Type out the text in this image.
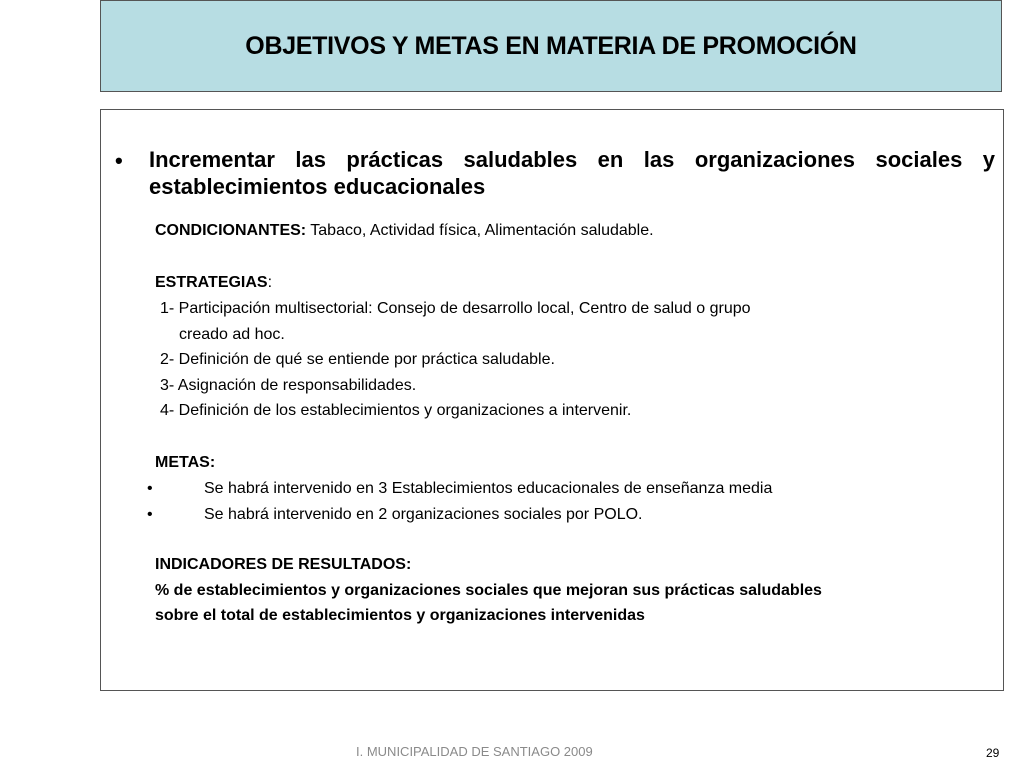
OBJETIVOS Y METAS EN MATERIA DE PROMOCIÓN
• Incrementar las prácticas saludables en las organizaciones sociales y establecimientos educacionales
CONDICIONANTES: Tabaco, Actividad física, Alimentación saludable.
ESTRATEGIAS:
1- Participación multisectorial: Consejo de desarrollo local, Centro de salud o grupo
creado ad hoc.
2- Definición de qué se entiende por práctica saludable.
3- Asignación de responsabilidades.
4- Definición de los establecimientos y organizaciones a intervenir.
METAS:
•	Se habrá intervenido en 3 Establecimientos educacionales de enseñanza media
•	Se habrá intervenido en 2 organizaciones sociales por POLO.
INDICADORES DE RESULTADOS:
% de establecimientos y organizaciones sociales que mejoran sus prácticas saludables
sobre el total de establecimientos y organizaciones intervenidas
I. MUNICIPALIDAD DE SANTIAGO 2009	29
